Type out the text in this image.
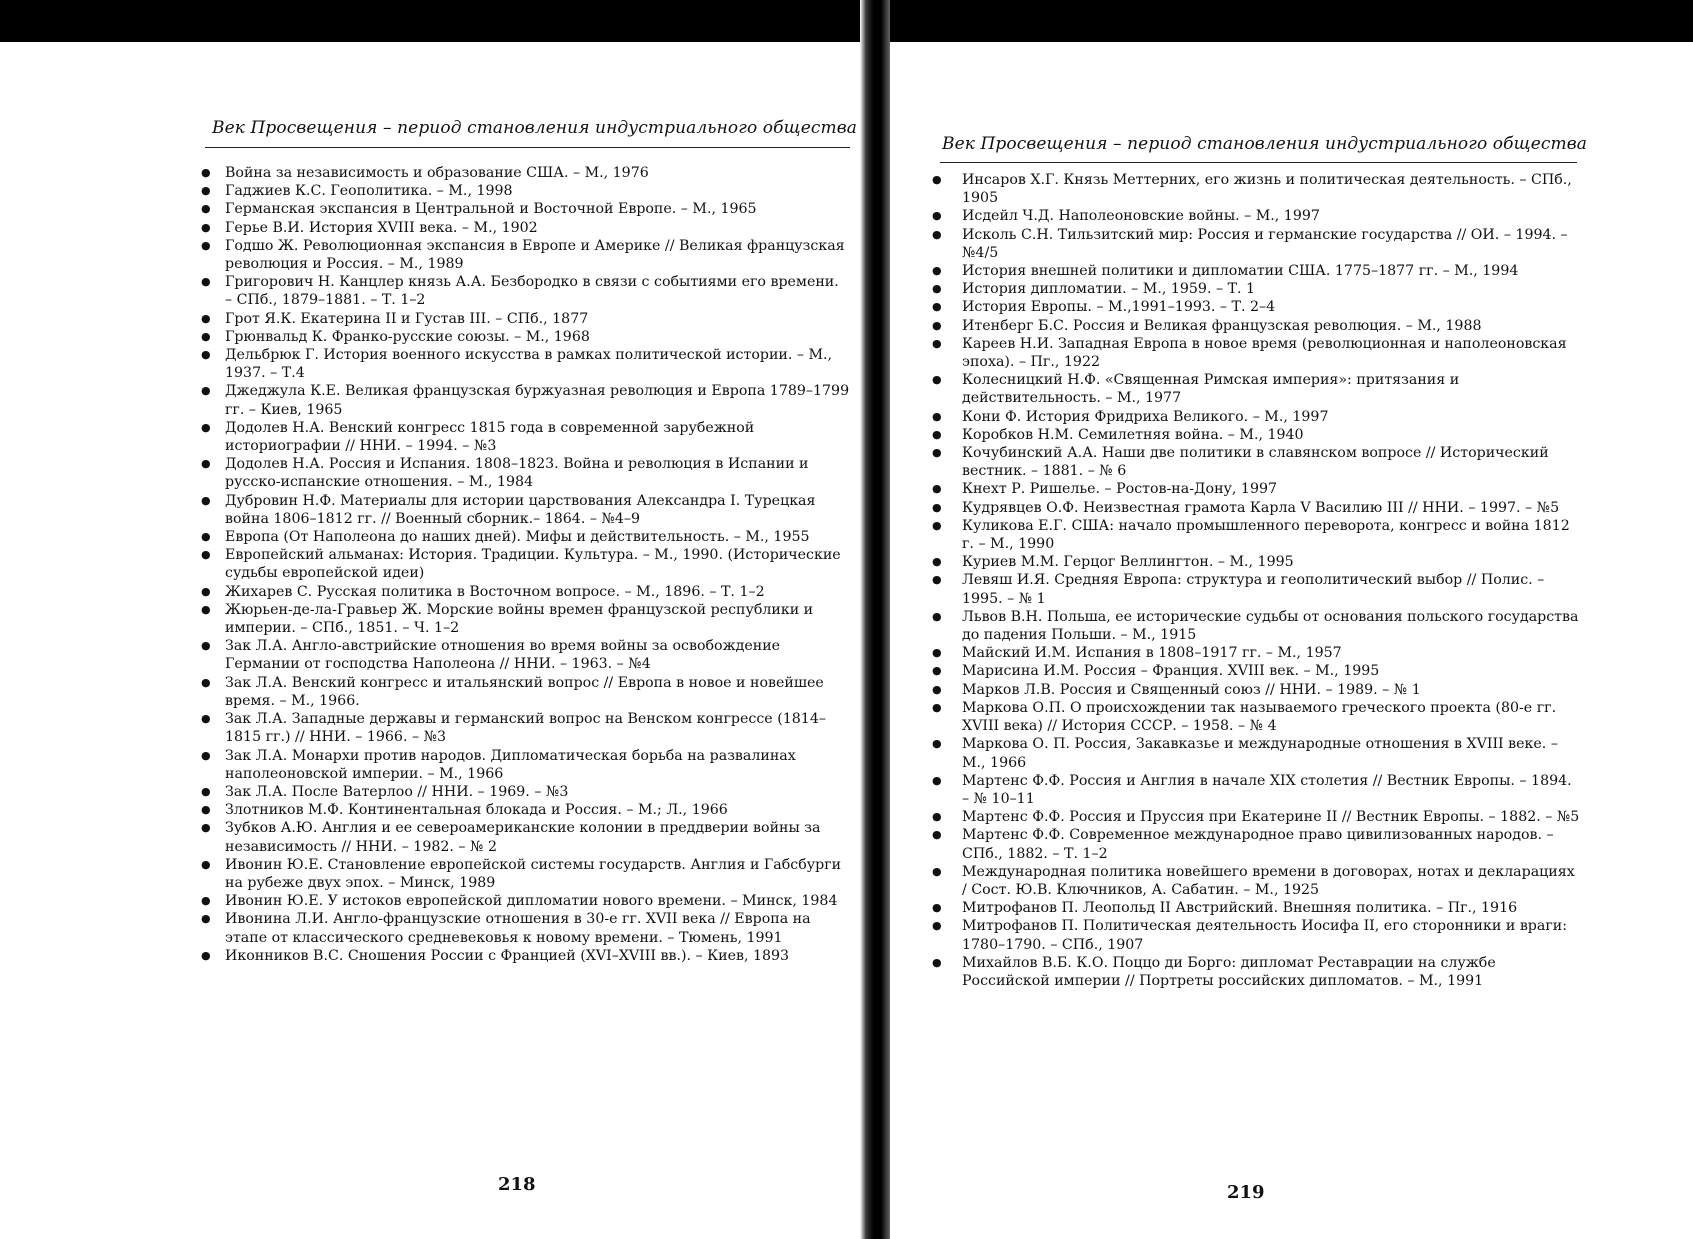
Век Просвещения – период становления индустриального общества
● Война за независимость и образование США. – М., 1976
● Гаджиев К.С. Геополитика. – М., 1998
● Германская экспансия в Центральной и Восточной Европе. – М., 1965
● Герье В.И. История XVIII века. – М., 1902
● Годшо Ж. Революционная экспансия в Европе и Америке // Великая французская революция и Россия. – М., 1989
● Григорович Н. Канцлер князь А.А. Безбородко в связи с событиями его времени. – СПб., 1879–1881. – Т. 1–2
● Грот Я.К. Екатерина II и Густав III. – СПб., 1877
● Грюнвальд К. Франко-русские союзы. – М., 1968
● Дельбрюк Г. История военного искусства в рамках политической истории. – М., 1937. – Т.4
● Джеджула К.Е. Великая французская буржуазная революция и Европа 1789–1799 гг. – Киев, 1965
● Додолев Н.А. Венский конгресс 1815 года в современной зарубежной историографии // ННИ. – 1994. – №3
● Додолев Н.А. Россия и Испания. 1808–1823. Война и революция в Испании и русско-испанские отношения. – М., 1984
● Дубровин Н.Ф. Материалы для истории царствования Александра I. Турецкая война 1806–1812 гг. // Военный сборник.– 1864. – №4–9
● Европа (От Наполеона до наших дней). Мифы и действительность. – М., 1955
● Европейский альманах: История. Традиции. Культура. – М., 1990. (Исторические судьбы европейской идеи)
● Жихарев С. Русская политика в Восточном вопросе. – М., 1896. – Т. 1–2
● Жюрьен-де-ла-Гравьер Ж. Морские войны времен французской республики и империи. – СПб., 1851. – Ч. 1–2
● Зак Л.А. Англо-австрийские отношения во время войны за освобождение Германии от господства Наполеона // ННИ. – 1963. – №4
● Зак Л.А. Венский конгресс и итальянский вопрос // Европа в новое и новейшее время. – М., 1966.
● Зак Л.А. Западные державы и германский вопрос на Венском конгрессе (1814–1815 гг.) // ННИ. – 1966. – №3
● Зак Л.А. Монархи против народов. Дипломатическая борьба на развалинах наполеоновской империи. – М., 1966
● Зак Л.А. После Ватерлоо // ННИ. – 1969. – №3
● Злотников М.Ф. Континентальная блокада и Россия. – М.; Л., 1966
● Зубков А.Ю. Англия и ее североамериканские колонии в преддверии войны за независимость // ННИ. – 1982. – № 2
● Ивонин Ю.Е. Становление европейской системы государств. Англия и Габсбурги на рубеже двух эпох. – Минск, 1989
● Ивонин Ю.Е. У истоков европейской дипломатии нового времени. – Минск, 1984
● Ивонина Л.И. Англо-французские отношения в 30-е гг. XVII века // Европа на этапе от классического средневековья к новому времени. – Тюмень, 1991
● Иконников В.С. Сношения России с Францией (XVI–XVIII вв.). – Киев, 1893
218
Век Просвещения – период становления индустриального общества
● Инсаров Х.Г. Князь Меттерних, его жизнь и политическая деятельность. – СПб., 1905
● Исдейл Ч.Д. Наполеоновские войны. – М., 1997
● Исколь С.Н. Тильзитский мир: Россия и германские государства // ОИ. – 1994. – №4/5
● История внешней политики и дипломатии США. 1775–1877 гг. – М., 1994
● История дипломатии. – М., 1959. – Т. 1
● История Европы. – М.,1991–1993. – Т. 2–4
● Итенберг Б.С. Россия и Великая французская революция. – М., 1988
● Кареев Н.И. Западная Европа в новое время (революционная и наполеоновская эпоха). – Пг., 1922
● Колесницкий Н.Ф. «Священная Римская империя»: притязания и действительность. – М., 1977
● Кони Ф. История Фридриха Великого. – М., 1997
● Коробков Н.М. Семилетняя война. – М., 1940
● Кочубинский А.А. Наши две политики в славянском вопросе // Исторический вестник. – 1881. – № 6
● Кнехт Р. Ришелье. – Ростов-на-Дону, 1997
● Кудрявцев О.Ф. Неизвестная грамота Карла V Василию III // ННИ. – 1997. – №5
● Куликова Е.Г. США: начало промышленного переворота, конгресс и война 1812 г. – М., 1990
● Куриев М.М. Герцог Веллингтон. – М., 1995
● Левяш И.Я. Средняя Европа: структура и геополитический выбор // Полис. – 1995. – № 1
● Львов В.Н. Польша, ее исторические судьбы от основания польского государства до падения Польши. – М., 1915
● Майский И.М. Испания в 1808–1917 гг. – М., 1957
● Марисина И.М. Россия – Франция. XVIII век. – М., 1995
● Марков Л.В. Россия и Священный союз // ННИ. – 1989. – № 1
● Маркова О.П. О происхождении так называемого греческого проекта (80-е гг. XVIII века) // История СССР. – 1958. – № 4
● Маркова О. П. Россия, Закавказье и международные отношения в XVIII веке. – М., 1966
● Мартенс Ф.Ф. Россия и Англия в начале XIX столетия // Вестник Европы. – 1894. – № 10–11
● Мартенс Ф.Ф. Россия и Пруссия при Екатерине II // Вестник Европы. – 1882. – №5
● Мартенс Ф.Ф. Современное международное право цивилизованных народов. – СПб., 1882. – Т. 1–2
● Международная политика новейшего времени в договорах, нотах и декларациях / Сост. Ю.В. Ключников, А. Сабатин. – М., 1925
● Митрофанов П. Леопольд II Австрийский. Внешняя политика. – Пг., 1916
● Митрофанов П. Политическая деятельность Иосифа II, его сторонники и враги: 1780–1790. – СПб., 1907
● Михайлов В.Б. К.О. Поццо ди Борго: дипломат Реставрации на службе Российской империи // Портреты российских дипломатов. – М., 1991
219
